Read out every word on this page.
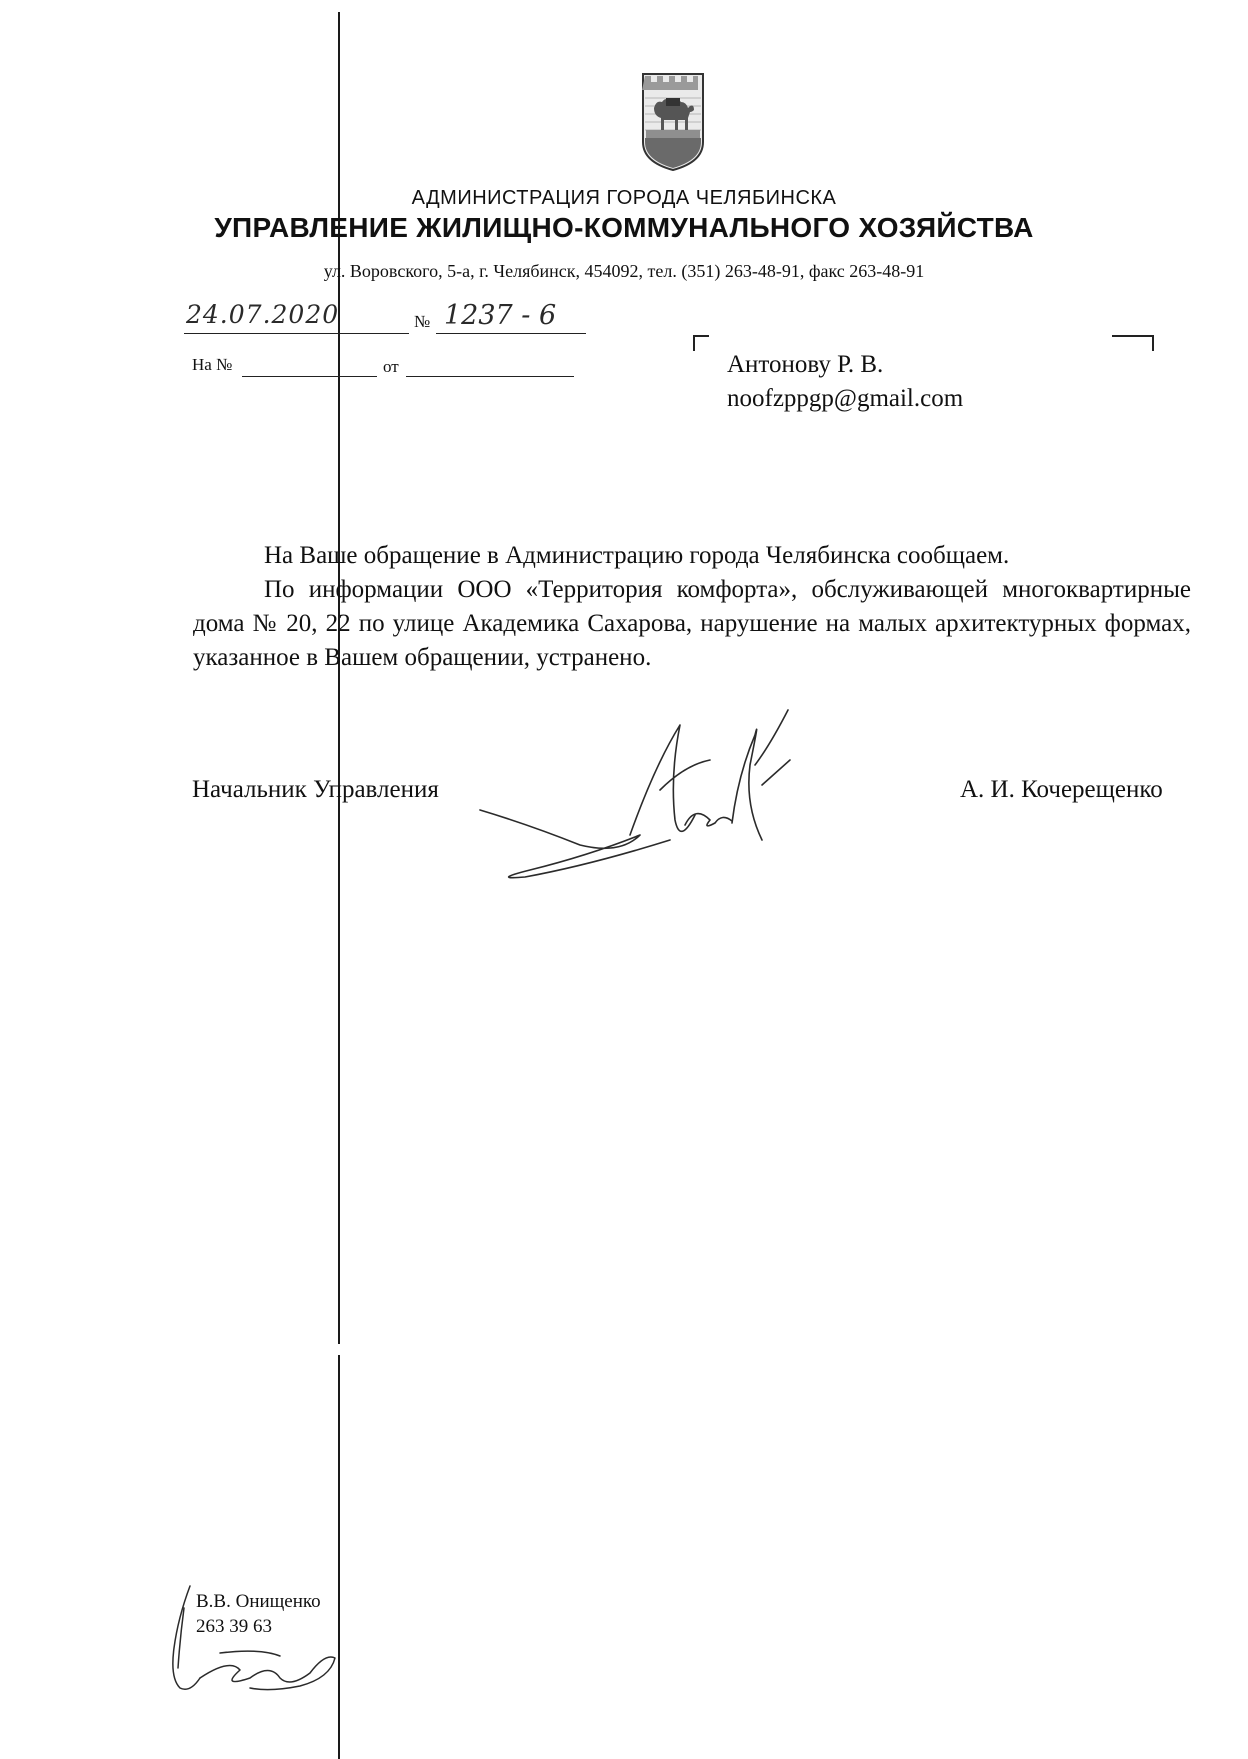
АДМИНИСТРАЦИЯ ГОРОДА ЧЕЛЯБИНСКА
УПРАВЛЕНИЕ ЖИЛИЩНО-КОММУНАЛЬНОГО ХОЗЯЙСТВА
ул. Воровского, 5-а, г. Челябинск, 454092, тел. (351) 263-48-91, факс 263-48-91
24.07.2020	№ 1237 - 6
На №	от	Антонову Р. В.
noofzppgp@gmail.com

На Ваше обращение в Администрацию города Челябинска сообщаем.

По информации ООО «Территория комфорта», обслуживающей многоквартирные дома № 20, 22 по улице Академика Сахарова, нарушение на малых архитектурных формах, указанное в Вашем обращении, устранено.

Начальник Управления	А. И. Кочерещенко
В.В. Онищенко
263 39 63
